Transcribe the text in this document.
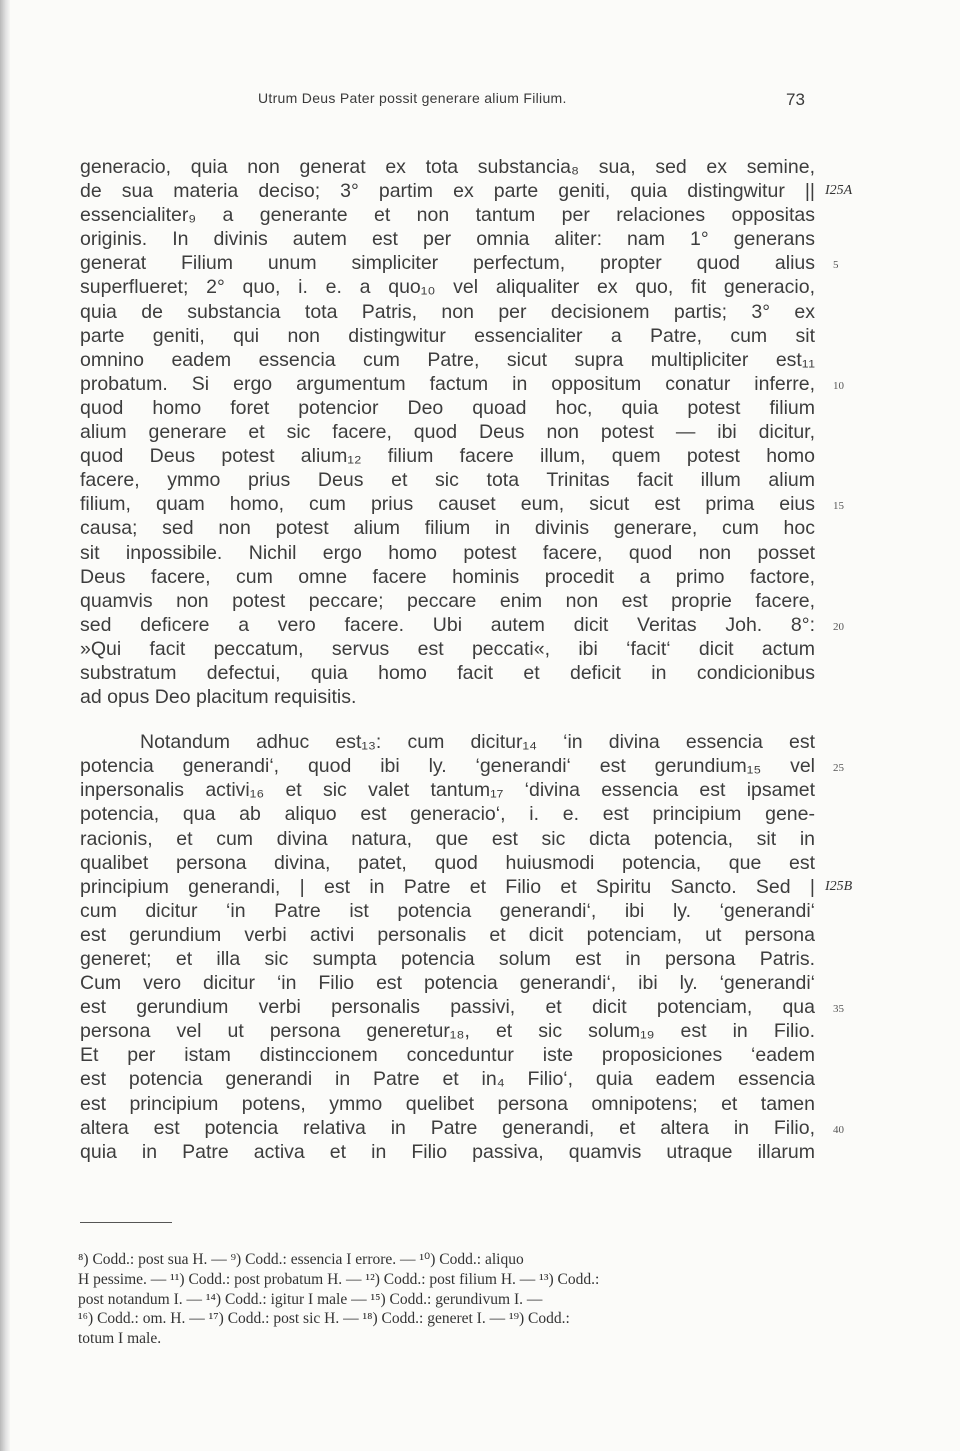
Utrum Deus Pater possit generare alium Filium.	73
generacio, quia non generat ex tota substancia₈ sua, sed ex semine,
de sua materia deciso; 3° partim ex parte geniti, quia distingwitur || I25A
essencialiter₉ a generante et non tantum per relaciones oppositas
originis. In divinis autem est per omnia aliter: nam 1° generans
generat Filium unum simpliciter perfectum, propter quod alius 5
superflueret; 2° quo, i. e. a quo₁₀ vel aliqualiter ex quo, fit generacio,
quia de substancia tota Patris, non per decisionem partis; 3° ex
parte geniti, qui non distingwitur essencialiter a Patre, cum sit
omnino eadem essencia cum Patre, sicut supra multipliciter est₁₁
probatum. Si ergo argumentum factum in oppositum conatur inferre, 10
quod homo foret potencior Deo quoad hoc, quia potest filium
alium generare et sic facere, quod Deus non potest — ibi dicitur,
quod Deus potest alium₁₂ filium facere illum, quem potest homo
facere, ymmo prius Deus et sic tota Trinitas facit illum alium
filium, quam homo, cum prius causet eum, sicut est prima eius 15
causa; sed non potest alium filium in divinis generare, cum hoc
sit inpossibile. Nichil ergo homo potest facere, quod non posset
Deus facere, cum omne facere hominis procedit a primo factore,
quamvis non potest peccare; peccare enim non est proprie facere,
sed deficere a vero facere. Ubi autem dicit Veritas Joh. 8°: 20
»Qui facit peccatum, servus est peccati«, ibi ‘facit‘ dicit actum
substratum defectui, quia homo facit et deficit in condicionibus
ad opus Deo placitum requisitis.
Notandum adhuc est₁₃: cum dicitur₁₄ ‘in divina essencia est
potencia generandi‘, quod ibi ly. ‘generandi‘ est gerundium₁₅ vel 25
inpersonalis activi₁₆ et sic valet tantum₁₇ ‘divina essencia est ipsamet
potencia, qua ab aliquo est generacio‘, i. e. est principium gene-
racionis, et cum divina natura, que est sic dicta potencia, sit in
qualibet persona divina, patet, quod huiusmodi potencia, que est
principium generandi, | est in Patre et Filio et Spiritu Sancto. Sed | I25B
cum dicitur ‘in Patre ist potencia generandi‘, ibi ly. ‘generandi‘
est gerundium verbi activi personalis et dicit potenciam, ut persona
generet; et illa sic sumpta potencia solum est in persona Patris.
Cum vero dicitur ‘in Filio est potencia generandi‘, ibi ly. ‘generandi‘
est gerundium verbi personalis passivi, et dicit potenciam, qua 35
persona vel ut persona generetur₁₈, et sic solum₁₉ est in Filio.
Et per istam distinccionem conceduntur iste proposiciones ‘eadem
est potencia generandi in Patre et in₄ Filio‘, quia eadem essencia
est principium potens, ymmo quelibet persona omnipotens; et tamen
altera est potencia relativa in Patre generandi, et altera in Filio, 40
quia in Patre activa et in Filio passiva, quamvis utraque illarum
⁸) Codd.: post sua H. — ⁹) Codd.: essencia I errore. — ¹⁰) Codd.: aliquo
H pessime. — ¹¹) Codd.: post probatum H. — ¹²) Codd.: post filium H. — ¹³) Codd.:
post notandum I. — ¹⁴) Codd.: igitur I male — ¹⁵) Codd.: gerundivum I. —
¹⁶) Codd.: om. H. — ¹⁷) Codd.: post sic H. — ¹⁸) Codd.: generet I. — ¹⁹) Codd.:
totum I male.
